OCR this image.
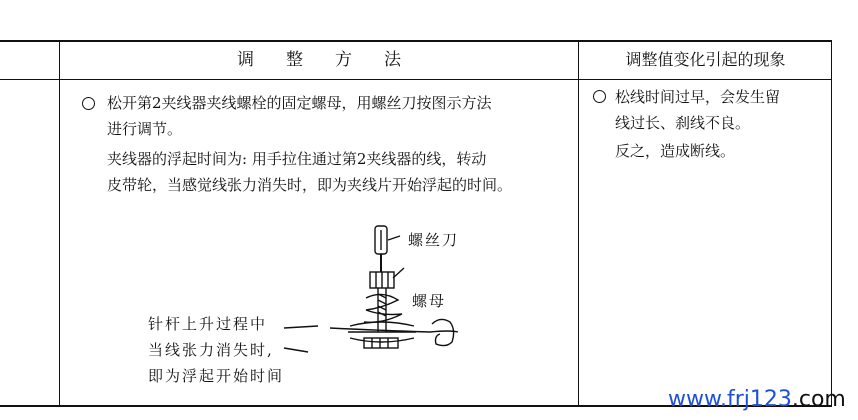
调整方法	调整值变化引起的现象
松开第2夹线器夹线螺栓的固定螺母，用螺丝刀按图示方法
进行调节。
夹线器的浮起时间为: 用手拉住通过第2夹线器的线，转动
皮带轮，当感觉线张力消失时，即为夹线片开始浮起的时间。
螺丝刀
螺母
针杆上升过程中
当线张力消失时,
即为浮起开始时间
松线时间过早，会发生留
线过长、刹线不良。
反之，造成断线。
www.frj123.com
